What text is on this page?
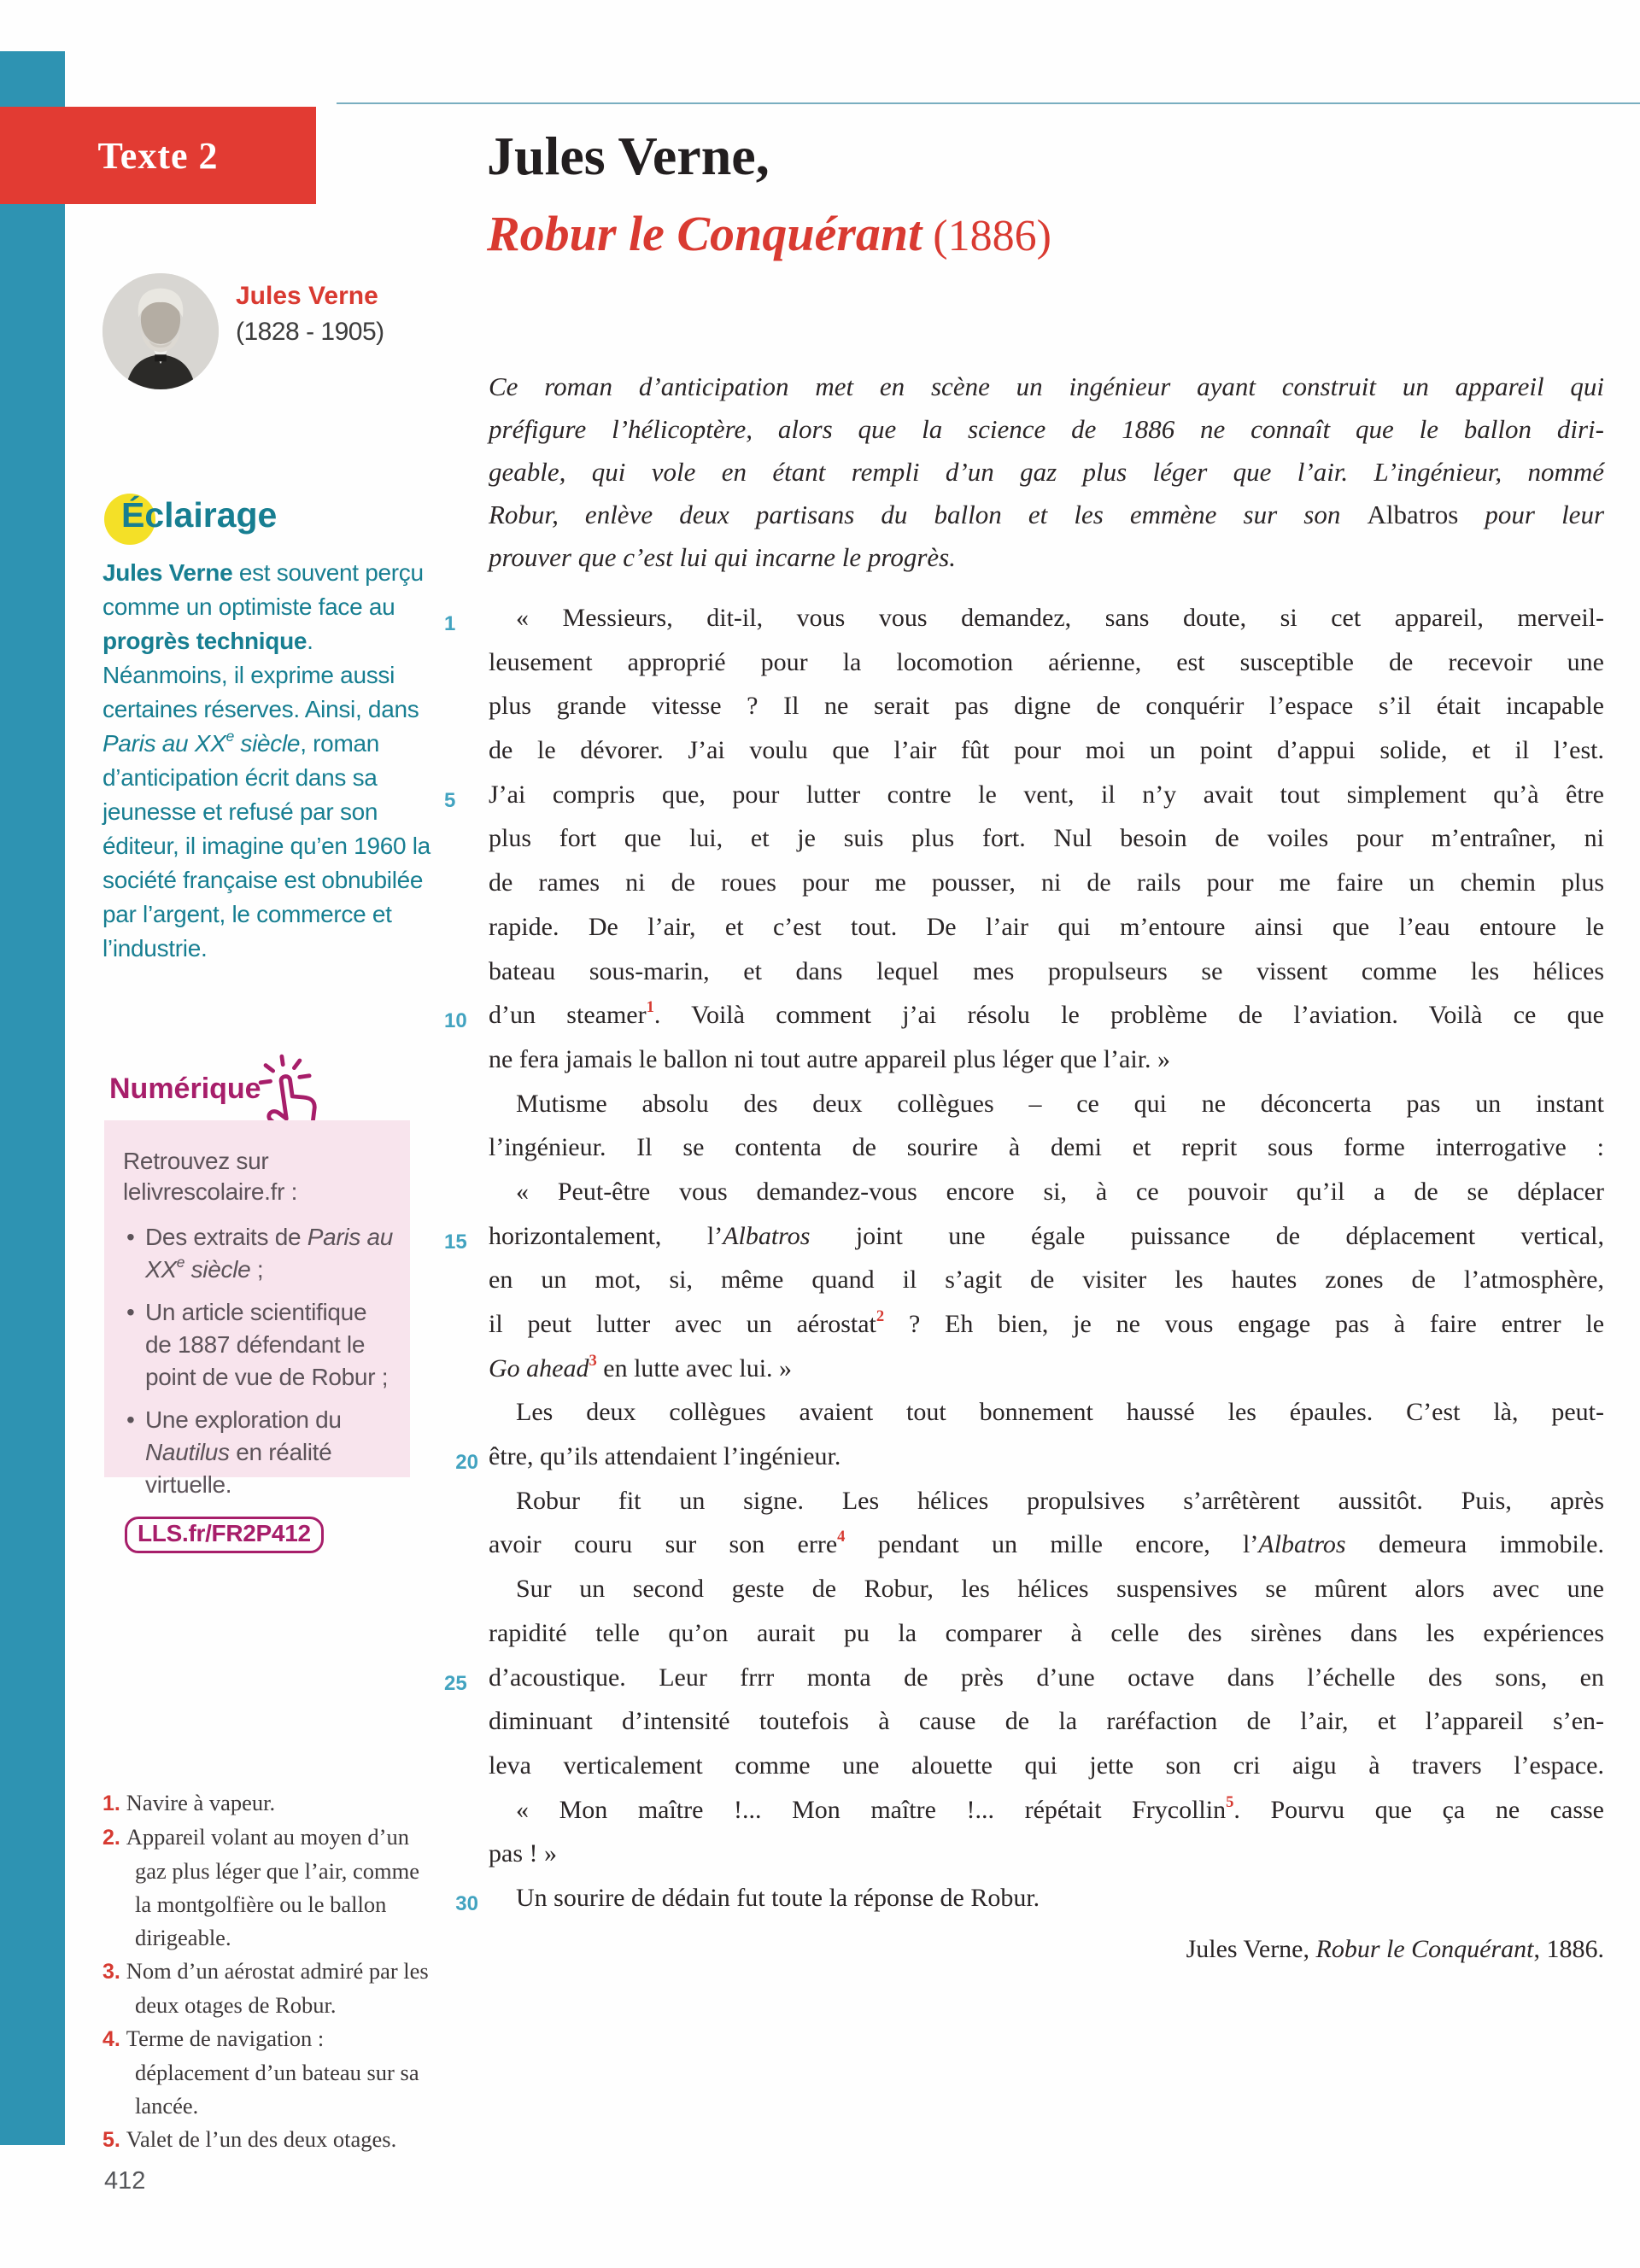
Texte 2	Jules Verne,
Robur le Conquérant (1886)
Jules Verne
(1828 - 1905)
Éclairage
Jules Verne est souvent perçu comme un optimiste face au progrès technique. Néanmoins, il exprime aussi certaines réserves. Ainsi, dans Paris au XXe siècle, roman d’anticipation écrit dans sa jeunesse et refusé par son éditeur, il imagine qu’en 1960 la société française est obnubilée par l’argent, le commerce et l’industrie.
Numérique
Retrouvez sur lelivrescolaire.fr :
• Des extraits de Paris au XXe siècle ;
• Un article scientifique de 1887 défendant le point de vue de Robur ;
• Une exploration du Nautilus en réalité virtuelle.
LLS.fr/FR2P412
1. Navire à vapeur.
2. Appareil volant au moyen d’un gaz plus léger que l’air, comme la montgolfière ou le ballon dirigeable.
3. Nom d’un aérostat admiré par les deux otages de Robur.
4. Terme de navigation : déplacement d’un bateau sur sa lancée.
5. Valet de l’un des deux otages.
412
Ce roman d’anticipation met en scène un ingénieur ayant construit un appareil qui
préfigure l’hélicoptère, alors que la science de 1886 ne connaît que le ballon diri-
geable, qui vole en étant rempli d’un gaz plus léger que l’air. L’ingénieur, nommé
Robur, enlève deux partisans du ballon et les emmène sur son Albatros pour leur
prouver que c’est lui qui incarne le progrès.
1	« Messieurs, dit-il, vous vous demandez, sans doute, si cet appareil, merveil-
leusement approprié pour la locomotion aérienne, est susceptible de recevoir une
plus grande vitesse ? Il ne serait pas digne de conquérir l’espace s’il était incapable
de le dévorer. J’ai voulu que l’air fût pour moi un point d’appui solide, et il l’est.
5	J’ai compris que, pour lutter contre le vent, il n’y avait tout simplement qu’à être
plus fort que lui, et je suis plus fort. Nul besoin de voiles pour m’entraîner, ni
de rames ni de roues pour me pousser, ni de rails pour me faire un chemin plus
rapide. De l’air, et c’est tout. De l’air qui m’entoure ainsi que l’eau entoure le
bateau sous-marin, et dans lequel mes propulseurs se vissent comme les hélices
10 d’un steamer$^1$. Voilà comment j’ai résolu le problème de l’aviation. Voilà ce que
ne fera jamais le ballon ni tout autre appareil plus léger que l’air. »
Mutisme absolu des deux collègues – ce qui ne déconcerta pas un instant
l’ingénieur. Il se contenta de sourire à demi et reprit sous forme interrogative :
« Peut-être vous demandez-vous encore si, à ce pouvoir qu’il a de se déplacer
15 horizontalement, l’Albatros joint une égale puissance de déplacement vertical,
en un mot, si, même quand il s’agit de visiter les hautes zones de l’atmosphère,
il peut lutter avec un aérostat$^2$ ? Eh bien, je ne vous engage pas à faire entrer le
Go ahead$^3$ en lutte avec lui. »
Les deux collègues avaient tout bonnement haussé les épaules. C’est là, peut-
20 être, qu’ils attendaient l’ingénieur.
Robur fit un signe. Les hélices propulsives s’arrêtèrent aussitôt. Puis, après
avoir couru sur son erre$^4$ pendant un mille encore, l’Albatros demeura immobile.
Sur un second geste de Robur, les hélices suspensives se mûrent alors avec une
rapidité telle qu’on aurait pu la comparer à celle des sirènes dans les expériences
25 d’acoustique. Leur frrr monta de près d’une octave dans l’échelle des sons, en
diminuant d’intensité toutefois à cause de la raréfaction de l’air, et l’appareil s’en-
leva verticalement comme une alouette qui jette son cri aigu à travers l’espace.
« Mon maître !... Mon maître !... répétait Frycollin$^5$. Pourvu que ça ne casse
pas ! »
30 Un sourire de dédain fut toute la réponse de Robur.
Jules Verne, Robur le Conquérant, 1886.
